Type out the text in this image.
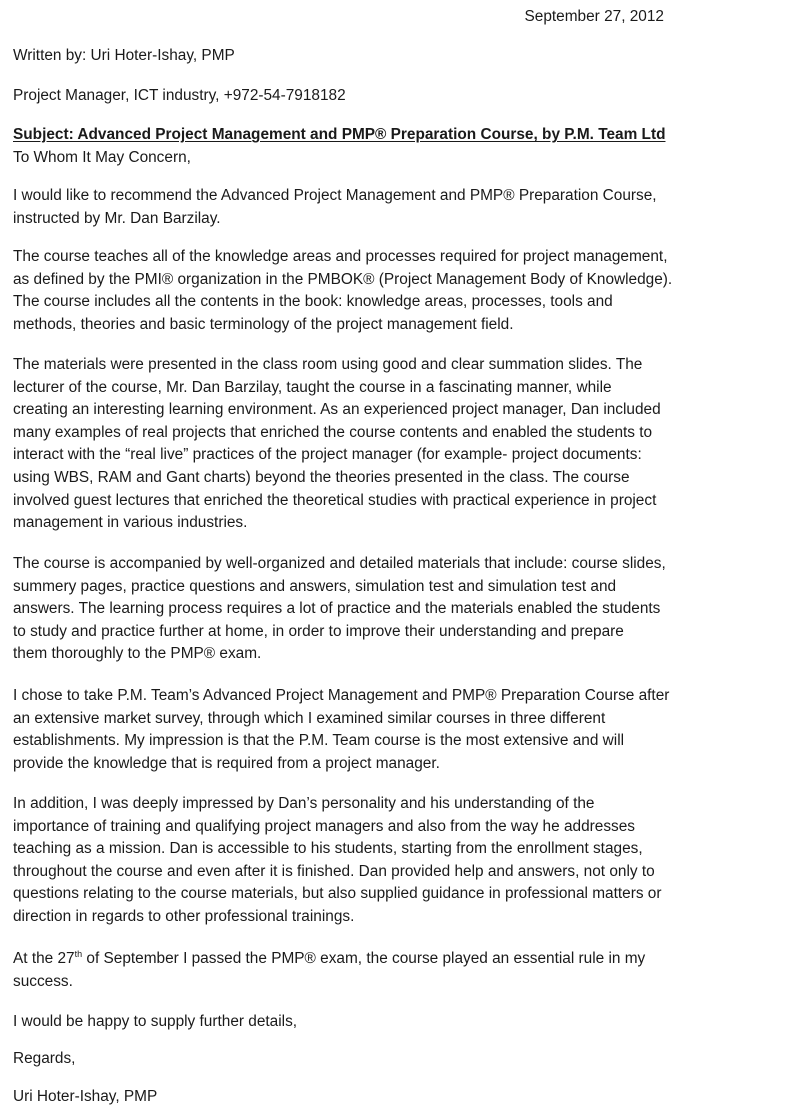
September 27, 2012
Written by: Uri Hoter-Ishay, PMP
Project Manager, ICT industry, +972-54-7918182
Subject: Advanced Project Management and PMP® Preparation Course, by P.M. Team Ltd
To Whom It May Concern,
I would like to recommend the Advanced Project Management and PMP® Preparation Course,
instructed by Mr. Dan Barzilay.
The course teaches all of the knowledge areas and processes required for project management,
as defined by the PMI® organization in the PMBOK® (Project Management Body of Knowledge).
The course includes all the contents in the book: knowledge areas, processes, tools and
methods, theories and basic terminology of the project management field.
The materials were presented in the class room using good and clear summation slides. The
lecturer of the course, Mr. Dan Barzilay, taught the course in a fascinating manner, while
creating an interesting learning environment. As an experienced project manager, Dan included
many examples of real projects that enriched the course contents and enabled the students to
interact with the “real live” practices of the project manager (for example- project documents:
using WBS, RAM and Gant charts) beyond the theories presented in the class. The course
involved guest lectures that enriched the theoretical studies with practical experience in project
management in various industries.
The course is accompanied by well-organized and detailed materials that include: course slides,
summery pages, practice questions and answers, simulation test and simulation test and
answers. The learning process requires a lot of practice and the materials enabled the students
to study and practice further at home, in order to improve their understanding and prepare
them thoroughly to the PMP® exam.
I chose to take P.M. Team’s Advanced Project Management and PMP® Preparation Course after
an extensive market survey, through which I examined similar courses in three different
establishments. My impression is that the P.M. Team course is the most extensive and will
provide the knowledge that is required from a project manager.
In addition, I was deeply impressed by Dan’s personality and his understanding of the
importance of training and qualifying project managers and also from the way he addresses
teaching as a mission. Dan is accessible to his students, starting from the enrollment stages,
throughout the course and even after it is finished. Dan provided help and answers, not only to
questions relating to the course materials, but also supplied guidance in professional matters or
direction in regards to other professional trainings.
At the 27th of September I passed the PMP® exam, the course played an essential rule in my
success.
I would be happy to supply further details,
Regards,
Uri Hoter-Ishay, PMP
